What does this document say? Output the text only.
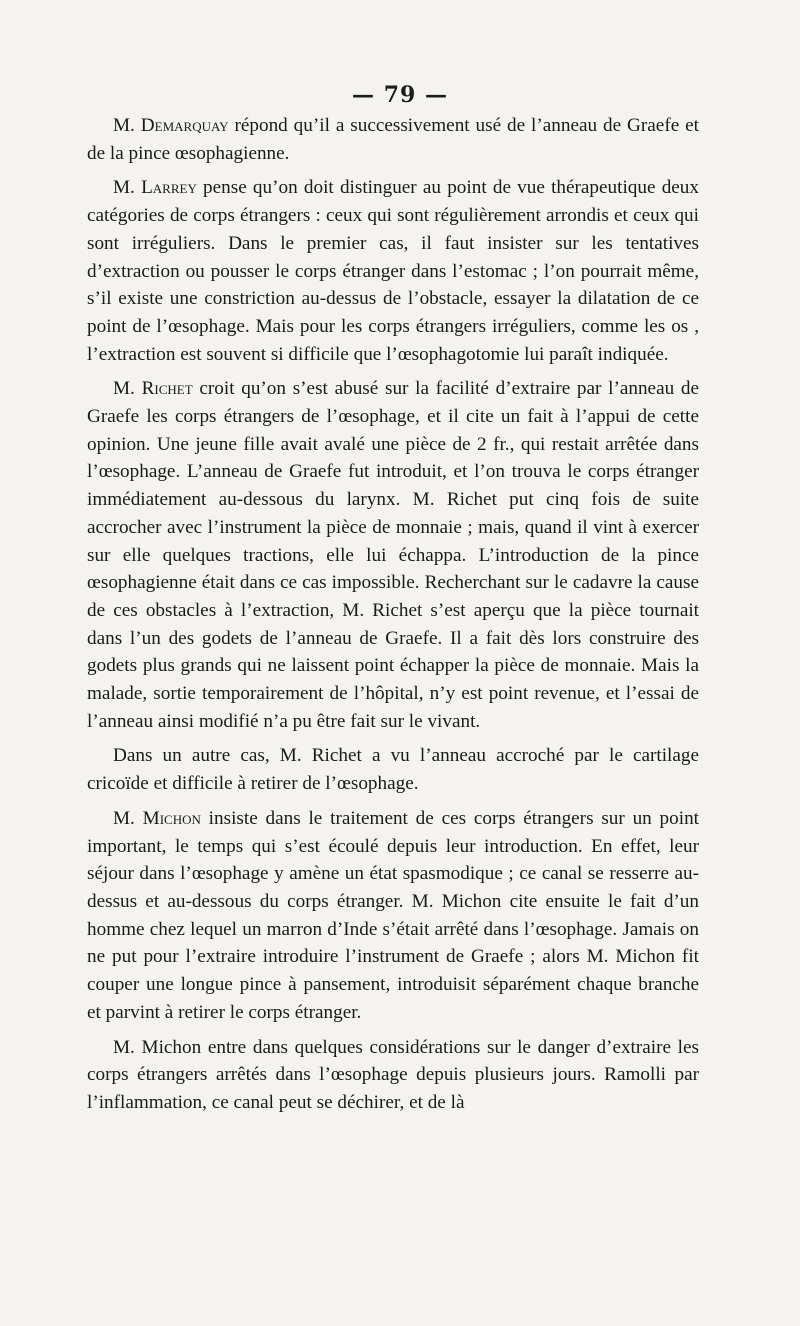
— 79 —

M. Demarquay répond qu’il a successivement usé de l’anneau de Graefe et de la pince œsophagienne.

M. Larrey pense qu’on doit distinguer au point de vue thérapeutique deux catégories de corps étrangers : ceux qui sont régulièrement arrondis et ceux qui sont irréguliers. Dans le premier cas, il faut insister sur les tentatives d’extraction ou pousser le corps étranger dans l’estomac ; l’on pourrait même, s’il existe une constriction au-dessus de l’obstacle, essayer la dilatation de ce point de l’œsophage. Mais pour les corps étrangers irréguliers, comme les os , l’extraction est souvent si difficile que l’œsophagotomie lui paraît indiquée.

M. Richet croit qu’on s’est abusé sur la facilité d’extraire par l’anneau de Graefe les corps étrangers de l’œsophage, et il cite un fait à l’appui de cette opinion. Une jeune fille avait avalé une pièce de 2 fr., qui restait arrêtée dans l’œsophage. L’anneau de Graefe fut introduit, et l’on trouva le corps étranger immédiatement au-dessous du larynx. M. Richet put cinq fois de suite accrocher avec l’instrument la pièce de monnaie ; mais, quand il vint à exercer sur elle quelques tractions, elle lui échappa. L’introduction de la pince œsophagienne était dans ce cas impossible. Recherchant sur le cadavre la cause de ces obstacles à l’extraction, M. Richet s’est aperçu que la pièce tournait dans l’un des godets de l’anneau de Graefe. Il a fait dès lors construire des godets plus grands qui ne laissent point échapper la pièce de monnaie. Mais la malade, sortie temporairement de l’hôpital, n’y est point revenue, et l’essai de l’anneau ainsi modifié n’a pu être fait sur le vivant.

Dans un autre cas, M. Richet a vu l’anneau accroché par le cartilage cricoïde et difficile à retirer de l’œsophage.

M. Michon insiste dans le traitement de ces corps étrangers sur un point important, le temps qui s’est écoulé depuis leur introduction. En effet, leur séjour dans l’œsophage y amène un état spasmodique ; ce canal se resserre au-dessus et au-dessous du corps étranger. M. Michon cite ensuite le fait d’un homme chez lequel un marron d’Inde s’était arrêté dans l’œsophage. Jamais on ne put pour l’extraire introduire l’instrument de Graefe ; alors M. Michon fit couper une longue pince à pansement, introduisit séparément chaque branche et parvint à retirer le corps étranger.

M. Michon entre dans quelques considérations sur le danger d’extraire les corps étrangers arrêtés dans l’œsophage depuis plusieurs jours. Ramolli par l’inflammation, ce canal peut se déchirer, et de là
